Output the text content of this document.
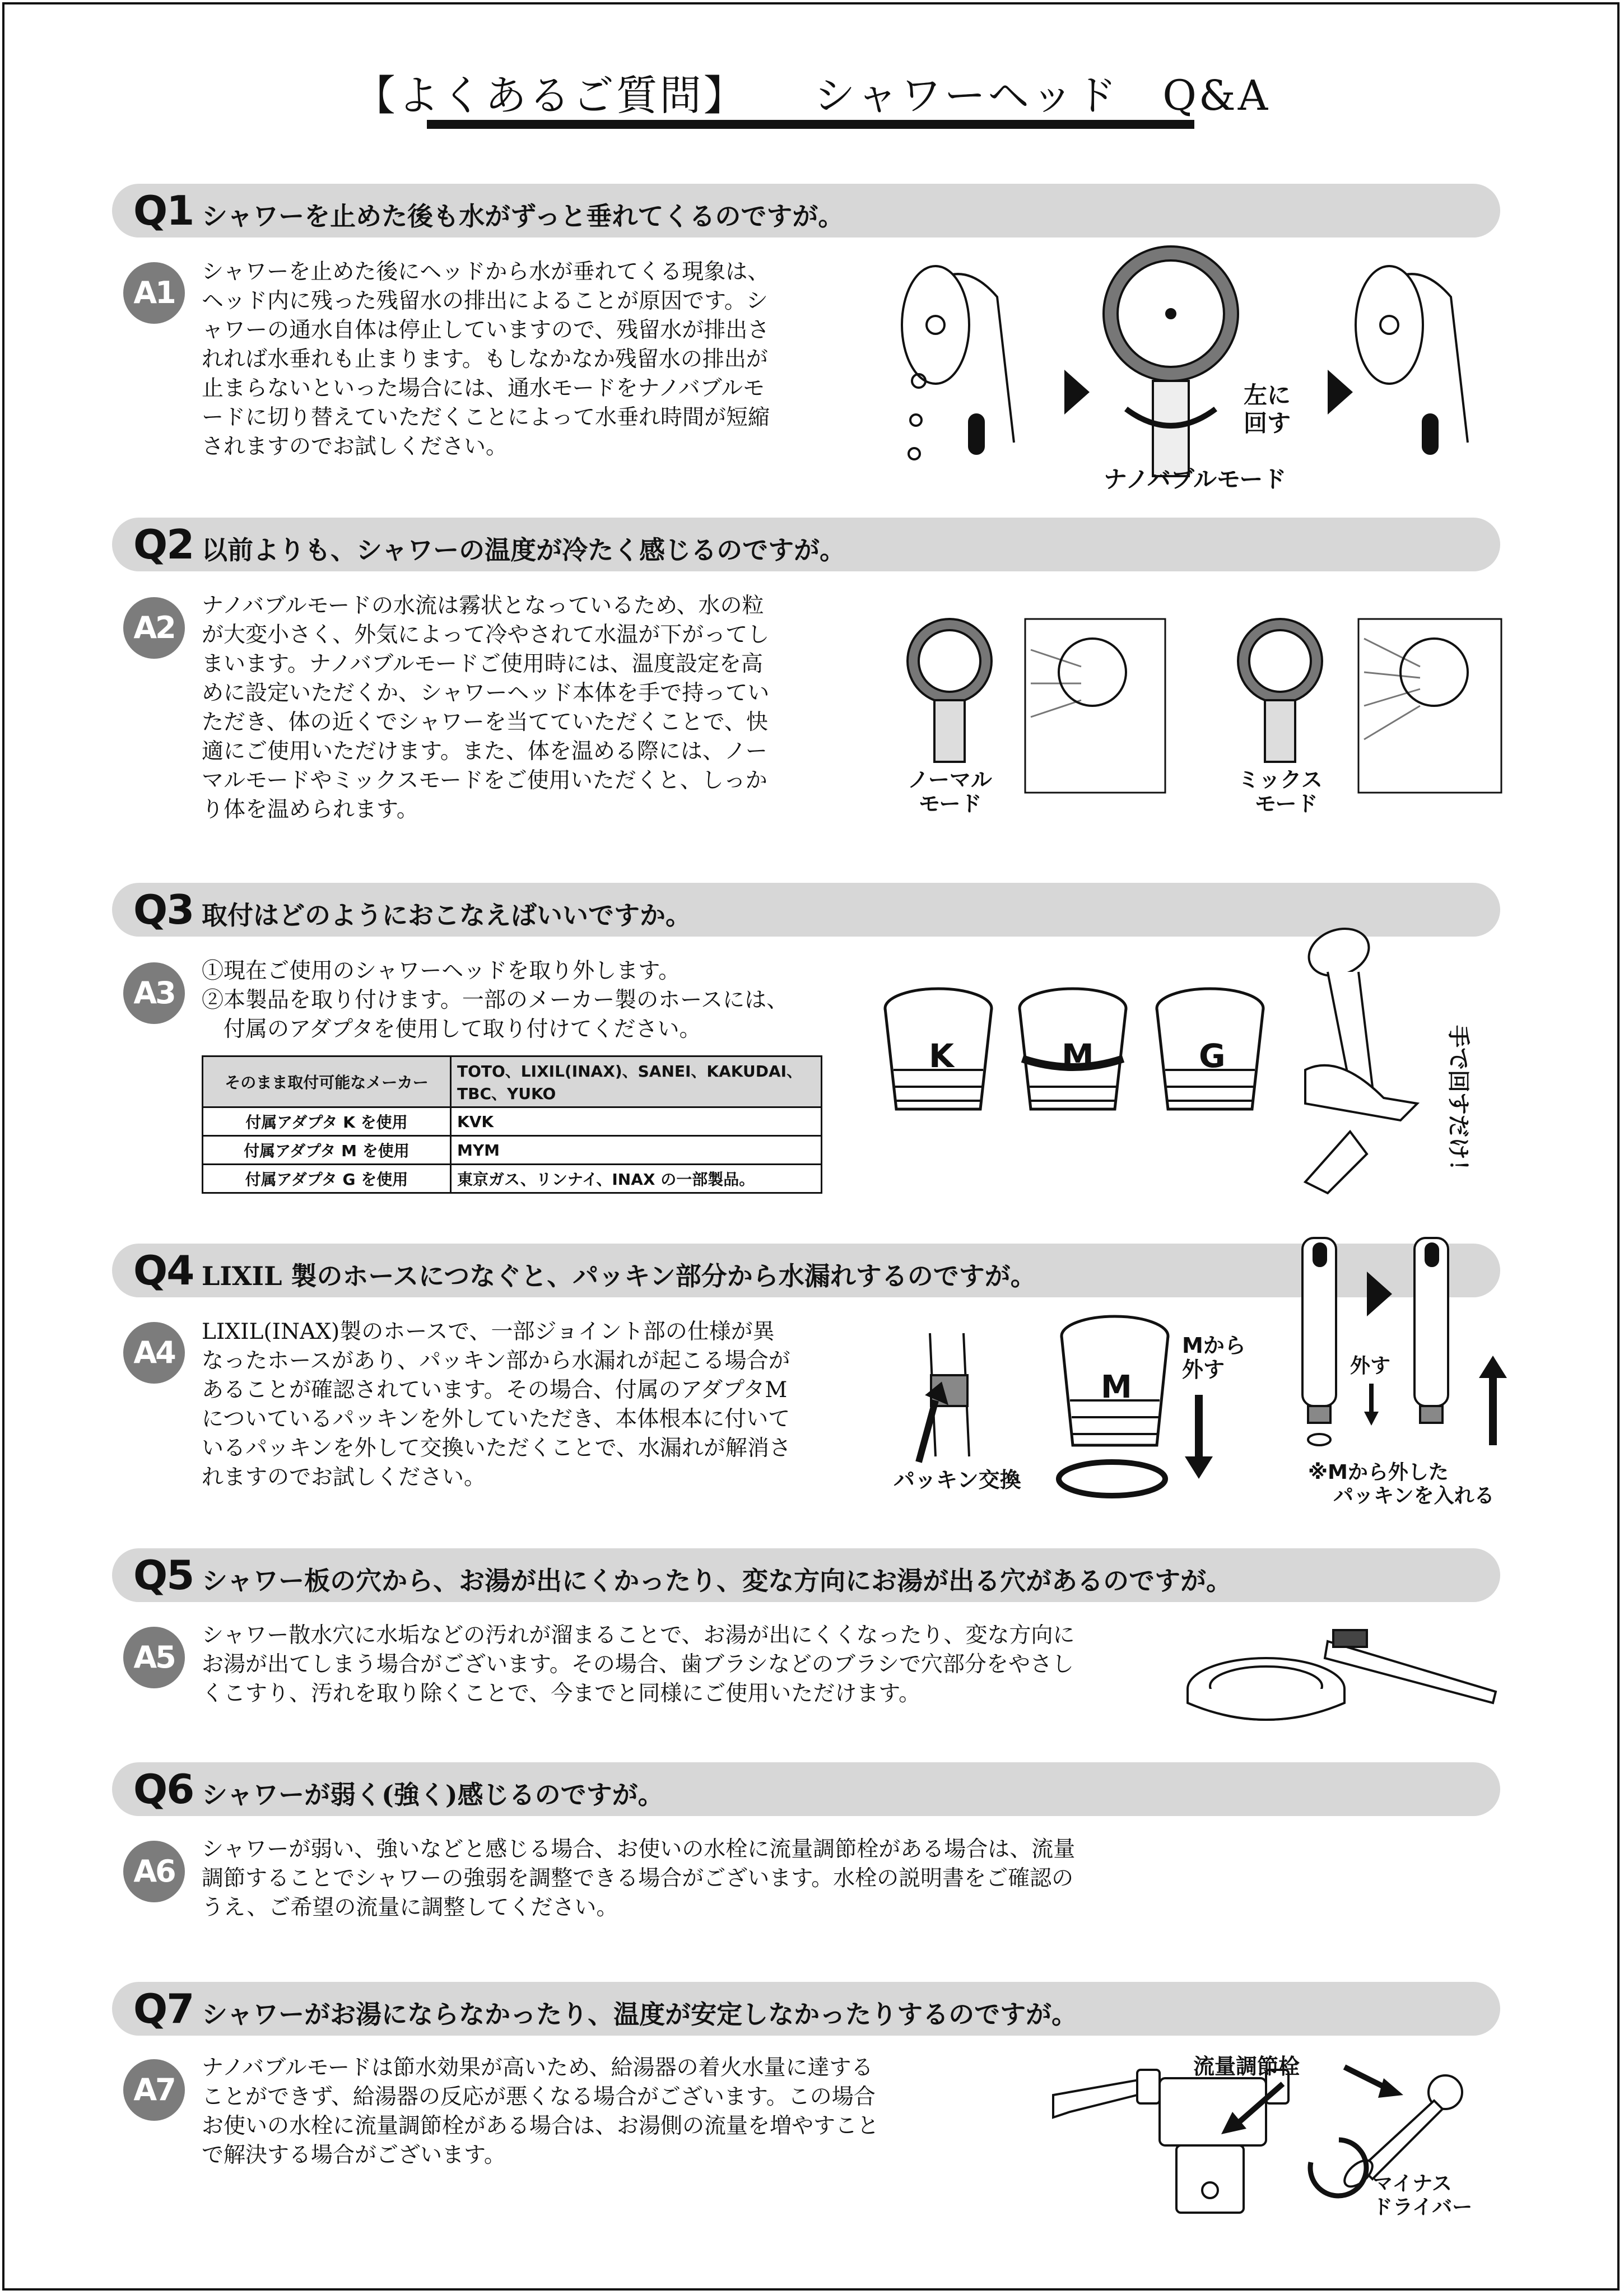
【よくあるご質問】　　シャワーヘッド　Q&A
Q1 シャワーを止めた後も水がずっと垂れてくるのですが。
A1
シャワーを止めた後にヘッドから水が垂れてくる現象は、
ヘッド内に残った残留水の排出によることが原因です。シ
ャワーの通水自体は停止していますので、残留水が排出さ
れれば水垂れも止まります。もしなかなか残留水の排出が
止まらないといった場合には、通水モードをナノバブルモ
ードに切り替えていただくことによって水垂れ時間が短縮
されますのでお試しください。
左に
回す
ナノバブルモード
Q2 以前よりも、シャワーの温度が冷たく感じるのですが。
A2
ナノバブルモードの水流は霧状となっているため、水の粒
が大変小さく、外気によって冷やされて水温が下がってし
まいます。ナノバブルモードご使用時には、温度設定を高
めに設定いただくか、シャワーヘッド本体を手で持ってい
ただき、体の近くでシャワーを当てていただくことで、快
適にご使用いただけます。また、体を温める際には、ノー
マルモードやミックスモードをご使用いただくと、しっか
り体を温められます。
ノーマル
モード
ミックス
モード
Q3 取付はどのようにおこなえばいいですか。
A3
①現在ご使用のシャワーヘッドを取り外します。
②本製品を取り付けます。一部のメーカー製のホースには、
　付属のアダプタを使用して取り付けてください。
そのまま取付可能なメーカー	TOTO、LIXIL(INAX)、SANEI、KAKUDAI、TBC、YUKO
付属アダプタ K を使用	KVK
付属アダプタ M を使用	MYM
付属アダプタ G を使用	東京ガス、リンナイ、INAX の一部製品。
K	M	G	手で回すだけ！
Q4 LIXIL 製のホースにつなぐと、パッキン部分から水漏れするのですが。
A4
LIXIL(INAX)製のホースで、一部ジョイント部の仕様が異
なったホースがあり、パッキン部から水漏れが起こる場合が
あることが確認されています。その場合、付属のアダプタM
についているパッキンを外していただき、本体根本に付いて
いるパッキンを外して交換いただくことで、水漏れが解消さ
れますのでお試しください。	パッキン交換
M
Mから
外す	外す
※Mから外した
パッキンを入れる
Q5 シャワー板の穴から、お湯が出にくかったり、変な方向にお湯が出る穴があるのですが。
A5
シャワー散水穴に水垢などの汚れが溜まることで、お湯が出にくくなったり、変な方向に
お湯が出てしまう場合がございます。その場合、歯ブラシなどのブラシで穴部分をやさし
くこすり、汚れを取り除くことで、今までと同様にご使用いただけます。
Q6 シャワーが弱く(強く)感じるのですが。
A6
シャワーが弱い、強いなどと感じる場合、お使いの水栓に流量調節栓がある場合は、流量
調節することでシャワーの強弱を調整できる場合がございます。水栓の説明書をご確認の
うえ、ご希望の流量に調整してください。
Q7 シャワーがお湯にならなかったり、温度が安定しなかったりするのですが。
A7
ナノバブルモードは節水効果が高いため、給湯器の着火水量に達する
ことができず、給湯器の反応が悪くなる場合がございます。この場合
お使いの水栓に流量調節栓がある場合は、お湯側の流量を増やすこと
で解決する場合がございます。
流量調節栓
マイナス
ドライバー
